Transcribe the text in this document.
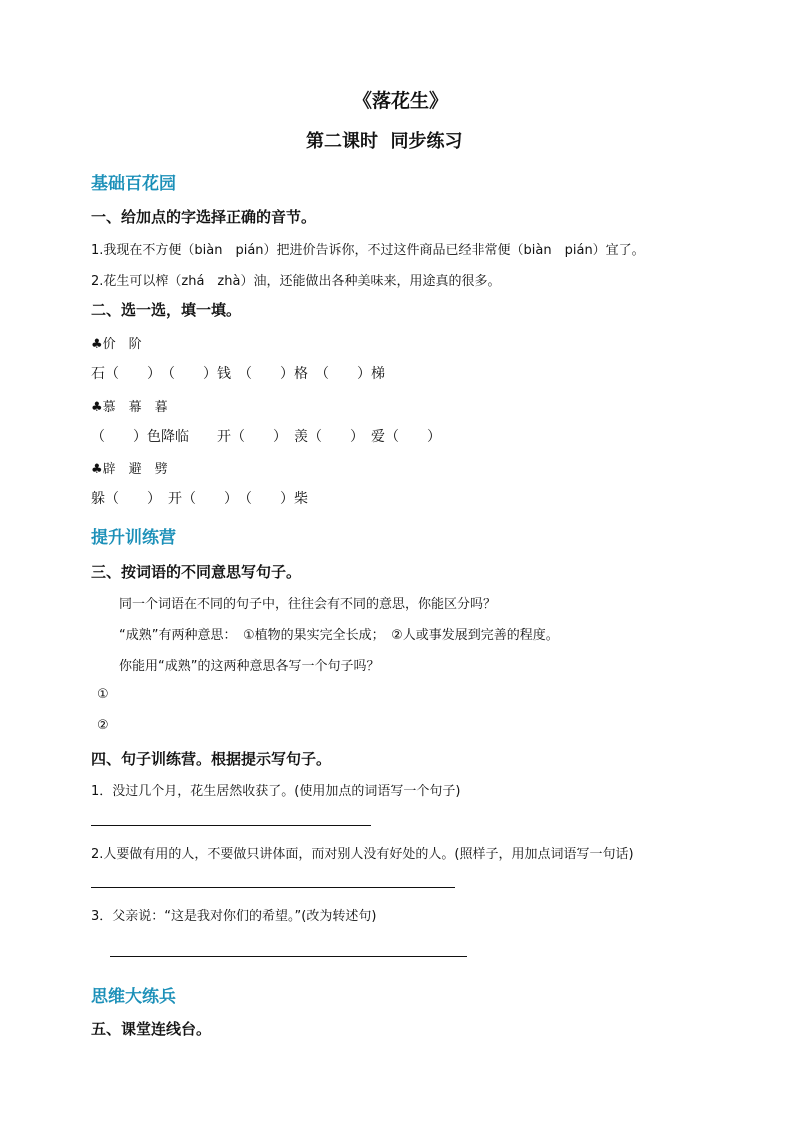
《落花生》
第二课时  同步练习
基础百花园
一、给加点的字选择正确的音节。
1.我现在不方便（biàn　pián）把进价告诉你，不过这件商品已经非常便（biàn　pián）宜了。
2.花生可以榨（zhá　zhà）油，还能做出各种美味来，用途真的很多。
二、选一选，填一填。
♣价　阶
石（　　）　（　　）钱　（　　）格　（　　）梯
♣慕　幕　暮
（　　）色降临　　开（　　）　羡（　　）　爱（　　）
♣辟　避　劈
躲（　　）　开（　　）　（　　）柴
提升训练营
三、按词语的不同意思写句子。
同一个词语在不同的句子中，往往会有不同的意思，你能区分吗？
“成熟”有两种意思：　①植物的果实完全长成；　②人或事发展到完善的程度。
你能用“成熟”的这两种意思各写一个句子吗？
①
②
四、句子训练营。根据提示写句子。
1．没过几个月，花生居然收获了。(使用加点的词语写一个句子)
2.人要做有用的人，不要做只讲体面，而对别人没有好处的人。(照样子，用加点词语写一句话)
3．父亲说：“这是我对你们的希望。”(改为转述句)
思维大练兵
五、课堂连线台。
